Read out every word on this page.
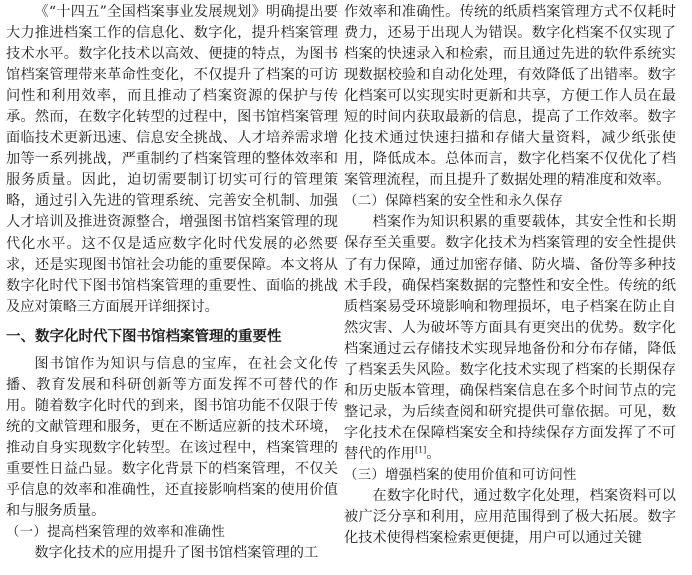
《“十四五”全国档案事业发展规划》明确提出要大力推进档案工作的信息化、数字化，提升档案管理技术水平。数字化技术以高效、便捷的特点，为图书馆档案管理带来革命性变化，不仅提升了档案的可访问性和利用效率，而且推动了档案资源的保护与传承。然而，在数字化转型的过程中，图书馆档案管理面临技术更新迅速、信息安全挑战、人才培养需求增加等一系列挑战，严重制约了档案管理的整体效率和服务质量。因此，迫切需要制订切实可行的管理策略，通过引入先进的管理系统、完善安全机制、加强人才培训及推进资源整合，增强图书馆档案管理的现代化水平。这不仅是适应数字化时代发展的必然要求，还是实现图书馆社会功能的重要保障。本文将从数字化时代下图书馆档案管理的重要性、面临的挑战及应对策略三方面展开详细探讨。

一、数字化时代下图书馆档案管理的重要性

图书馆作为知识与信息的宝库，在社会文化传播、教育发展和科研创新等方面发挥不可替代的作用。随着数字化时代的到来，图书馆功能不仅限于传统的文献管理和服务，更在不断适应新的技术环境，推动自身实现数字化转型。在该过程中，档案管理的重要性日益凸显。数字化背景下的档案管理，不仅关乎信息的效率和准确性，还直接影响档案的使用价值和与服务质量。

（一）提高档案管理的效率和准确性

数字化技术的应用提升了图书馆档案管理的工

作效率和准确性。传统的纸质档案管理方式不仅耗时费力，还易于出现人为错误。数字化档案不仅实现了档案的快速录入和检索，而且通过先进的软件系统实现数据校验和自动化处理，有效降低了出错率。数字化档案可以实现实时更新和共享，方便工作人员在最短的时间内获取最新的信息，提高了工作效率。数字化技术通过快速扫描和存储大量资料，减少纸张使用，降低成本。总体而言，数字化档案不仅优化了档案管理流程，而且提升了数据处理的精准度和效率。

（二）保障档案的安全性和永久保存

档案作为知识积累的重要载体，其安全性和长期保存至关重要。数字化技术为档案管理的安全性提供了有力保障，通过加密存储、防火墙、备份等多种技术手段，确保档案数据的完整性和安全性。传统的纸质档案易受环境影响和物理损坏，电子档案在防止自然灾害、人为破坏等方面具有更突出的优势。数字化档案通过云存储技术实现异地备份和分布存储，降低了档案丢失风险。数字化技术实现了档案的长期保存和历史版本管理，确保档案信息在多个时间节点的完整记录，为后续查阅和研究提供可靠依据。可见，数字化技术在保障档案安全和持续保存方面发挥了不可替代的作用[1]。

（三）增强档案的使用价值和可访问性

在数字化时代，通过数字化处理，档案资料可以被广泛分享和利用，应用范围得到了极大拓展。数字化技术使得档案检索更便捷，用户可以通过关键
